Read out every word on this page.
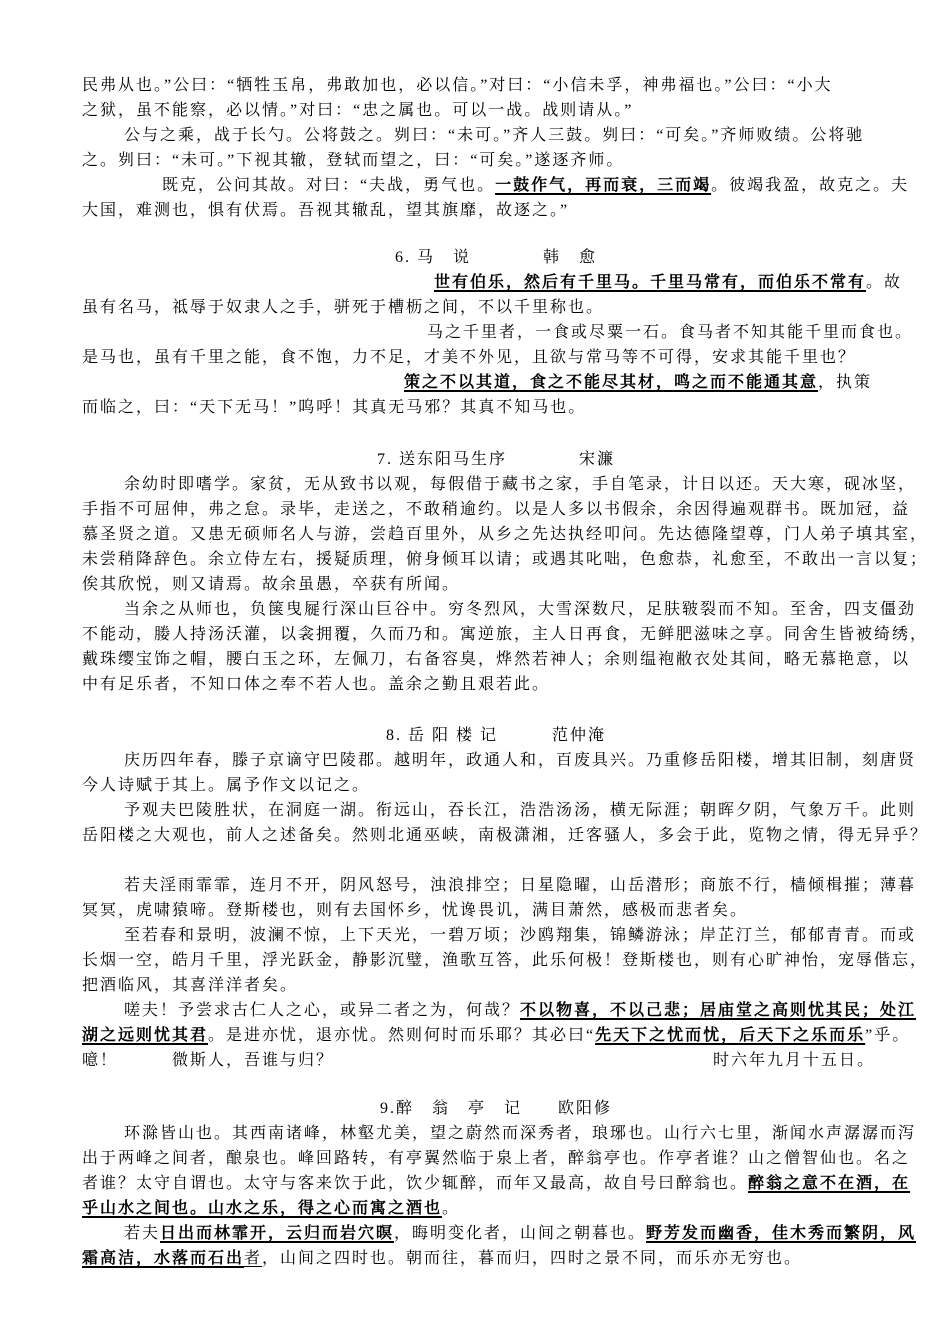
民弗从也。”公曰：“牺牲玉帛，弗敢加也，必以信。”对曰：“小信未孚，神弗福也。”公曰：“小大
之狱，虽不能察，必以情。”对曰：“忠之属也。可以一战。战则请从。”
公与之乘，战于长勺。公将鼓之。刿曰：“未可。”齐人三鼓。刿曰：“可矣。”齐师败绩。公将驰
之。刿曰：“未可。”下视其辙，登轼而望之，曰：“可矣。”遂逐齐师。
既克，公问其故。对曰：“夫战，勇气也。一鼓作气，再而衰，三而竭。彼竭我盈，故克之。夫
大国，难测也，惧有伏焉。吾视其辙乱，望其旗靡，故逐之。”
6. 马　说　　　　韩　愈
世有伯乐，然后有千里马。千里马常有，而伯乐不常有。故
虽有名马，祗辱于奴隶人之手，骈死于槽枥之间，不以千里称也。
马之千里者，一食或尽粟一石。食马者不知其能千里而食也。
是马也，虽有千里之能，食不饱，力不足，才美不外见，且欲与常马等不可得，安求其能千里也？
策之不以其道，食之不能尽其材，鸣之而不能通其意，执策
而临之，曰：“天下无马！”呜呼！其真无马邪？其真不知马也。
7. 送东阳马生序　　　　宋濂
余幼时即嗜学。家贫，无从致书以观，每假借于藏书之家，手自笔录，计日以还。天大寒，砚冰坚，
手指不可屈伸，弗之怠。录毕，走送之，不敢稍逾约。以是人多以书假余，余因得遍观群书。既加冠，益
慕圣贤之道。又患无硕师名人与游，尝趋百里外，从乡之先达执经叩问。先达德隆望尊，门人弟子填其室，
未尝稍降辞色。余立侍左右，援疑质理，俯身倾耳以请；或遇其叱咄，色愈恭，礼愈至，不敢出一言以复；
俟其欣悦，则又请焉。故余虽愚，卒获有所闻。
当余之从师也，负箧曳屣行深山巨谷中。穷冬烈风，大雪深数尺，足肤皲裂而不知。至舍，四支僵劲
不能动，媵人持汤沃灌，以衾拥覆，久而乃和。寓逆旅，主人日再食，无鲜肥滋味之享。同舍生皆被绮绣，
戴珠缨宝饰之帽，腰白玉之环，左佩刀，右备容臭，烨然若神人；余则缊袍敝衣处其间，略无慕艳意，以
中有足乐者，不知口体之奉不若人也。盖余之勤且艰若此。
8. 岳 阳 楼 记　　　范仲淹
庆历四年春，滕子京谪守巴陵郡。越明年，政通人和，百废具兴。乃重修岳阳楼，增其旧制，刻唐贤
今人诗赋于其上。属予作文以记之。
予观夫巴陵胜状，在洞庭一湖。衔远山，吞长江，浩浩汤汤，横无际涯；朝晖夕阴，气象万千。此则
岳阳楼之大观也，前人之述备矣。然则北通巫峡，南极潇湘，迁客骚人，多会于此，览物之情，得无异乎？
若夫淫雨霏霏，连月不开，阴风怒号，浊浪排空；日星隐曜，山岳潜形；商旅不行，樯倾楫摧；薄暮
冥冥，虎啸猿啼。登斯楼也，则有去国怀乡，忧谗畏讥，满目萧然，感极而悲者矣。
至若春和景明，波澜不惊，上下天光，一碧万顷；沙鸥翔集，锦鳞游泳；岸芷汀兰，郁郁青青。而或
长烟一空，皓月千里，浮光跃金，静影沉璧，渔歌互答，此乐何极！登斯楼也，则有心旷神怡，宠辱偕忘，
把酒临风，其喜洋洋者矣。
嗟夫！予尝求古仁人之心，或异二者之为，何哉？不以物喜，不以己悲；居庙堂之高则忧其民；处江
湖之远则忧其君。是进亦忧，退亦忧。然则何时而乐耶？其必曰“先天下之忧而忧，后天下之乐而乐”乎。
噫！　　　微斯人，吾谁与归？	时六年九月十五日。
9.醉　翁　亭　记　　欧阳修
环滁皆山也。其西南诸峰，林壑尤美，望之蔚然而深秀者，琅琊也。山行六七里，渐闻水声潺潺而泻
出于两峰之间者，酿泉也。峰回路转，有亭翼然临于泉上者，醉翁亭也。作亭者谁？山之僧智仙也。名之
者谁？太守自谓也。太守与客来饮于此，饮少辄醉，而年又最高，故自号曰醉翁也。醉翁之意不在酒，在
乎山水之间也。山水之乐，得之心而寓之酒也。
若夫日出而林霏开，云归而岩穴暝，晦明变化者，山间之朝暮也。野芳发而幽香，佳木秀而繁阴，风
霜高洁，水落而石出者，山间之四时也。朝而往，暮而归，四时之景不同，而乐亦无穷也。
